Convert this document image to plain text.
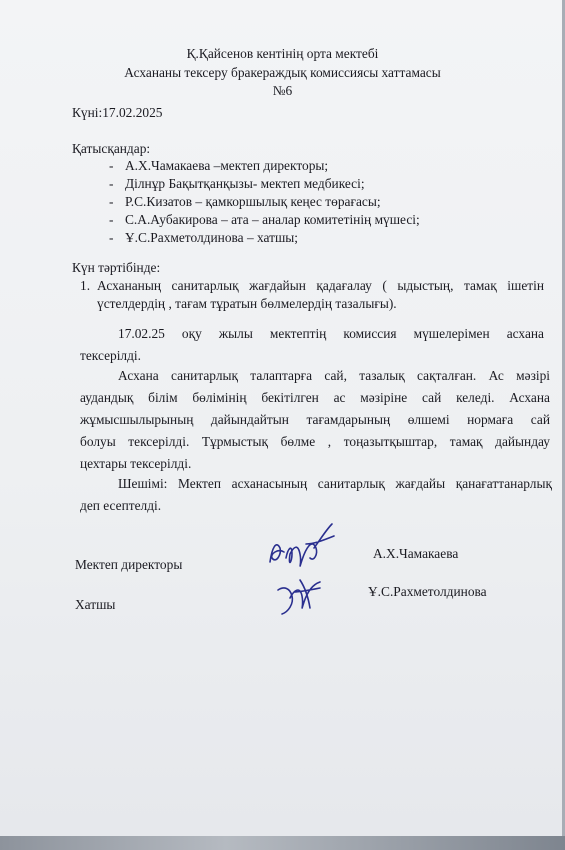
Қ.Қайсенов кентінің орта мектебі
Асхананы тексеру бракераждық комиссиясы хаттамасы
№6
Күні:17.02.2025
Қатысқандар:
- А.Х.Чамакаева –мектеп директоры;
- Ділнұр Бақытқанқызы- мектеп медбикесі;
- Р.С.Кизатов – қамкоршылық кеңес төрағасы;
- С.А.Аубакирова – ата – аналар комитетінің мүшесі;
- Ұ.С.Рахметолдинова – хатшы;
Күн тәртібінде:
1. Асхананың санитарлық жағдайын қадағалау ( ыдыстың, тамақ ішетін
үстелдердің , тағам тұратын бөлмелердің тазалығы).
17.02.25 оқу жылы мектептің комиссия мүшелерімен асхана
тексерілді.
Асхана санитарлық талаптарға сай, тазалық сақталған. Ас мәзірі
аудандық білім бөлімінің бекітілген ас мәзіріне сай келеді. Асхана
жұмысшылырының дайындайтын тағамдарының өлшемі нормаға сай
болуы тексерілді. Тұрмыстық бөлме , тоңазытқыштар, тамақ дайындау
цехтары тексерілді.
Шешімі: Мектеп асханасының санитарлық жағдайы қанағаттанарлық
деп есептелді.
Мектеп директоры
А.Х.Чамакаева
Хатшы
Ұ.С.Рахметолдинова
